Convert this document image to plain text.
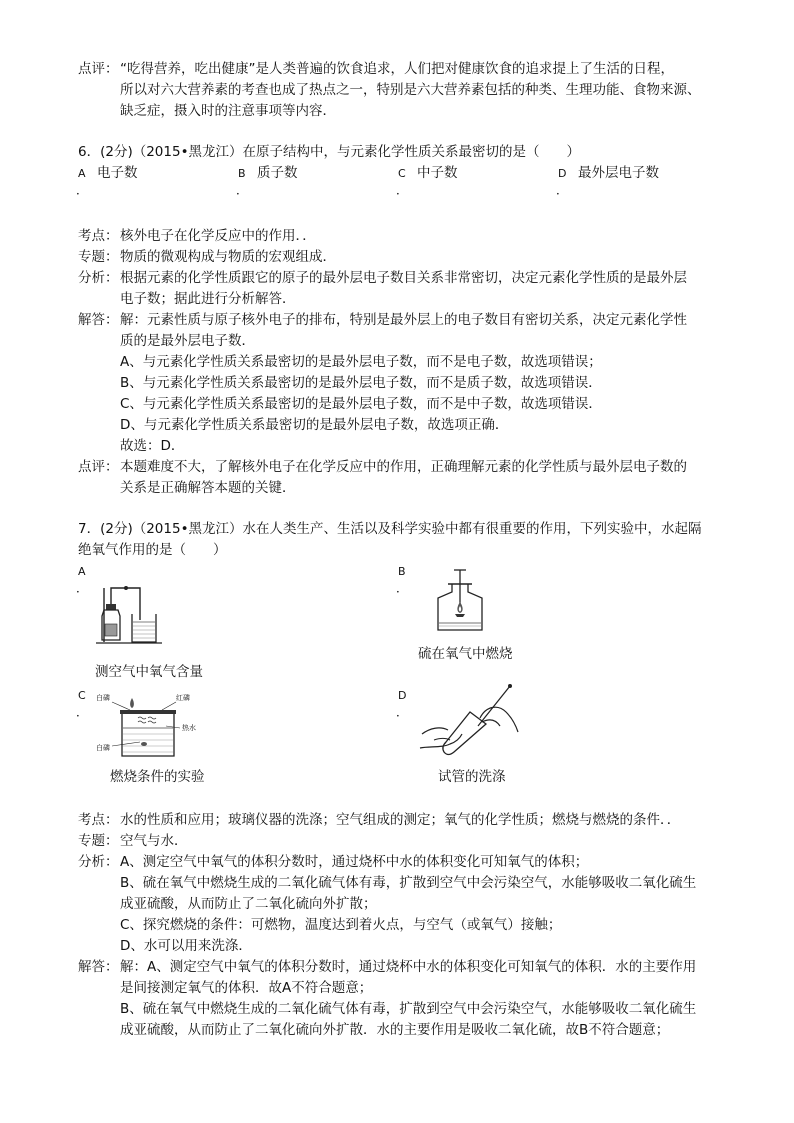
点评： “吃得营养，吃出健康”是人类普遍的饮食追求，人们把对健康饮食的追求提上了生活的日程，
所以对六大营养素的考查也成了热点之一，特别是六大营养素包括的种类、生理功能、食物来源、
缺乏症，摄入时的注意事项等内容．
6．(2分)（2015•黑龙江）在原子结构中，与元素化学性质关系最密切的是（　　）
A 电子数
．
B 质子数
．
C 中子数
．
D 最外层电子数
．
考点： 核外电子在化学反应中的作用．．
专题： 物质的微观构成与物质的宏观组成．
分析： 根据元素的化学性质跟它的原子的最外层电子数目关系非常密切，决定元素化学性质的是最外层
电子数；据此进行分析解答．
解答： 解：元素性质与原子核外电子的排布，特别是最外层上的电子数目有密切关系，决定元素化学性
质的是最外层电子数．
A、与元素化学性质关系最密切的是最外层电子数，而不是电子数，故选项错误；
B、与元素化学性质关系最密切的是最外层电子数，而不是质子数，故选项错误．
C、与元素化学性质关系最密切的是最外层电子数，而不是中子数，故选项错误．
D、与元素化学性质关系最密切的是最外层电子数，故选项正确．
故选：D．
点评： 本题难度不大，了解核外电子在化学反应中的作用，正确理解元素的化学性质与最外层电子数的
关系是正确解答本题的关键．
7．(2分)（2015•黑龙江）水在人类生产、生活以及科学实验中都有很重要的作用，下列实验中，水起隔
绝氧气作用的是（　　）
A
．
测空气中氧气含量
B
．
硫在氧气中燃烧
C
．
白磷	红磷
热水
白磷
燃烧条件的实验
D
．
试管的洗涤
考点： 水的性质和应用；玻璃仪器的洗涤；空气组成的测定；氧气的化学性质；燃烧与燃烧的条件．．
专题： 空气与水．
分析： A、测定空气中氧气的体积分数时，通过烧杯中水的体积变化可知氧气的体积；
B、硫在氧气中燃烧生成的二氧化硫气体有毒，扩散到空气中会污染空气，水能够吸收二氧化硫生
成亚硫酸，从而防止了二氧化硫向外扩散；
C、探究燃烧的条件：可燃物，温度达到着火点，与空气（或氧气）接触；
D、水可以用来洗涤．
解答： 解：A、测定空气中氧气的体积分数时，通过烧杯中水的体积变化可知氧气的体积．水的主要作用
是间接测定氧气的体积．故A不符合题意；
B、硫在氧气中燃烧生成的二氧化硫气体有毒，扩散到空气中会污染空气，水能够吸收二氧化硫生
成亚硫酸，从而防止了二氧化硫向外扩散．水的主要作用是吸收二氧化硫，故B不符合题意；
